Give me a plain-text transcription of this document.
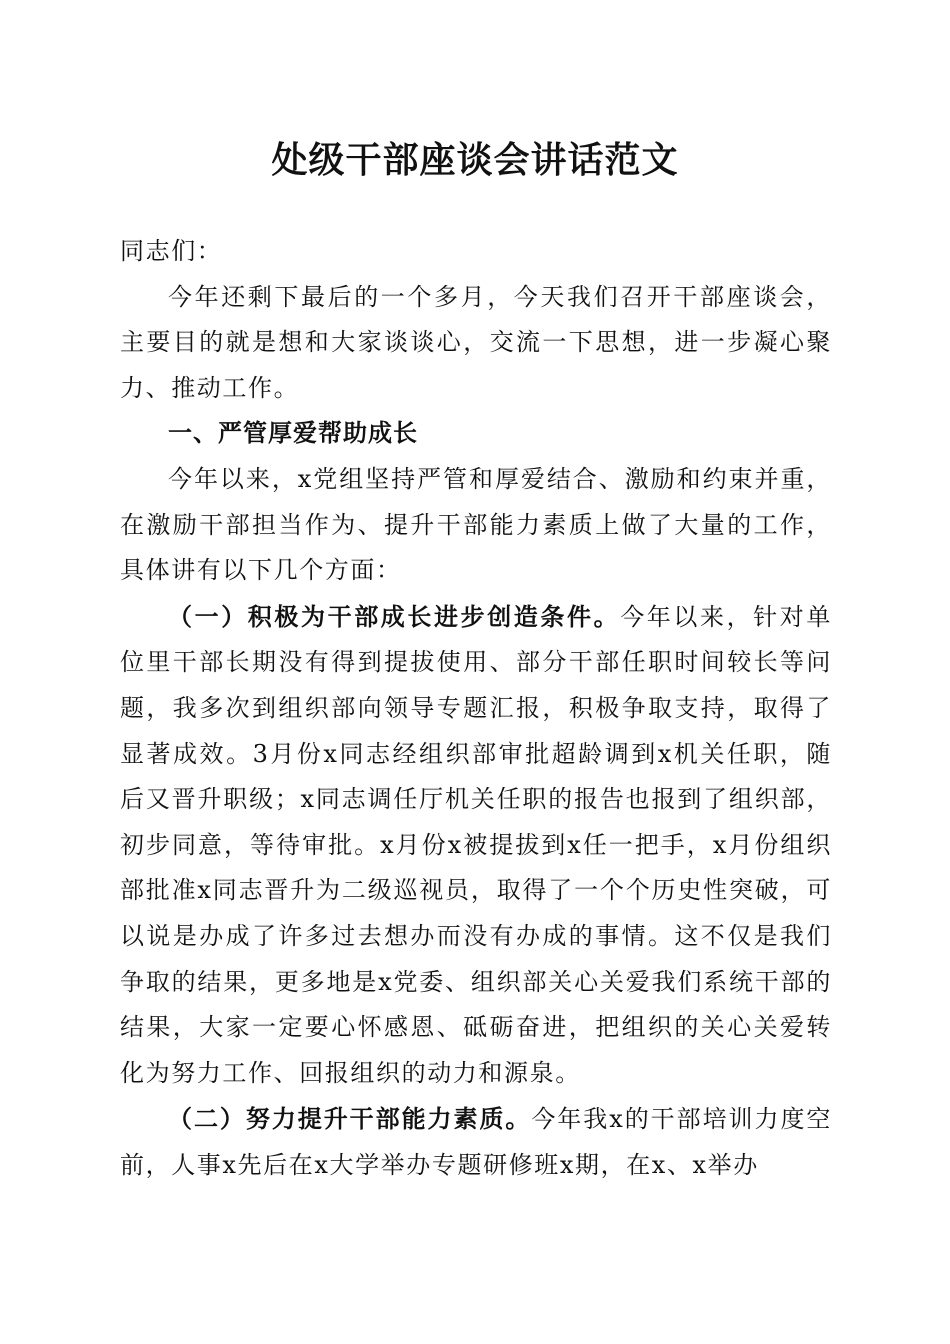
处级干部座谈会讲话范文

同志们：

今年还剩下最后的一个多月，今天我们召开干部座谈会，主要目的就是想和大家谈谈心，交流一下思想，进一步凝心聚力、推动工作。

一、严管厚爱帮助成长

今年以来，x党组坚持严管和厚爱结合、激励和约束并重，在激励干部担当作为、提升干部能力素质上做了大量的工作，具体讲有以下几个方面：

（一）积极为干部成长进步创造条件。今年以来，针对单位里干部长期没有得到提拔使用、部分干部任职时间较长等问题，我多次到组织部向领导专题汇报，积极争取支持，取得了显著成效。3月份x同志经组织部审批超龄调到x机关任职，随后又晋升职级；x同志调任厅机关任职的报告也报到了组织部，初步同意，等待审批。x月份x被提拔到x任一把手，x月份组织部批准x同志晋升为二级巡视员，取得了一个个历史性突破，可以说是办成了许多过去想办而没有办成的事情。这不仅是我们争取的结果，更多地是x党委、组织部关心关爱我们系统干部的结果，大家一定要心怀感恩、砥砺奋进，把组织的关心关爱转化为努力工作、回报组织的动力和源泉。

（二）努力提升干部能力素质。今年我x的干部培训力度空前，人事x先后在x大学举办专题研修班x期，在x、x举办
